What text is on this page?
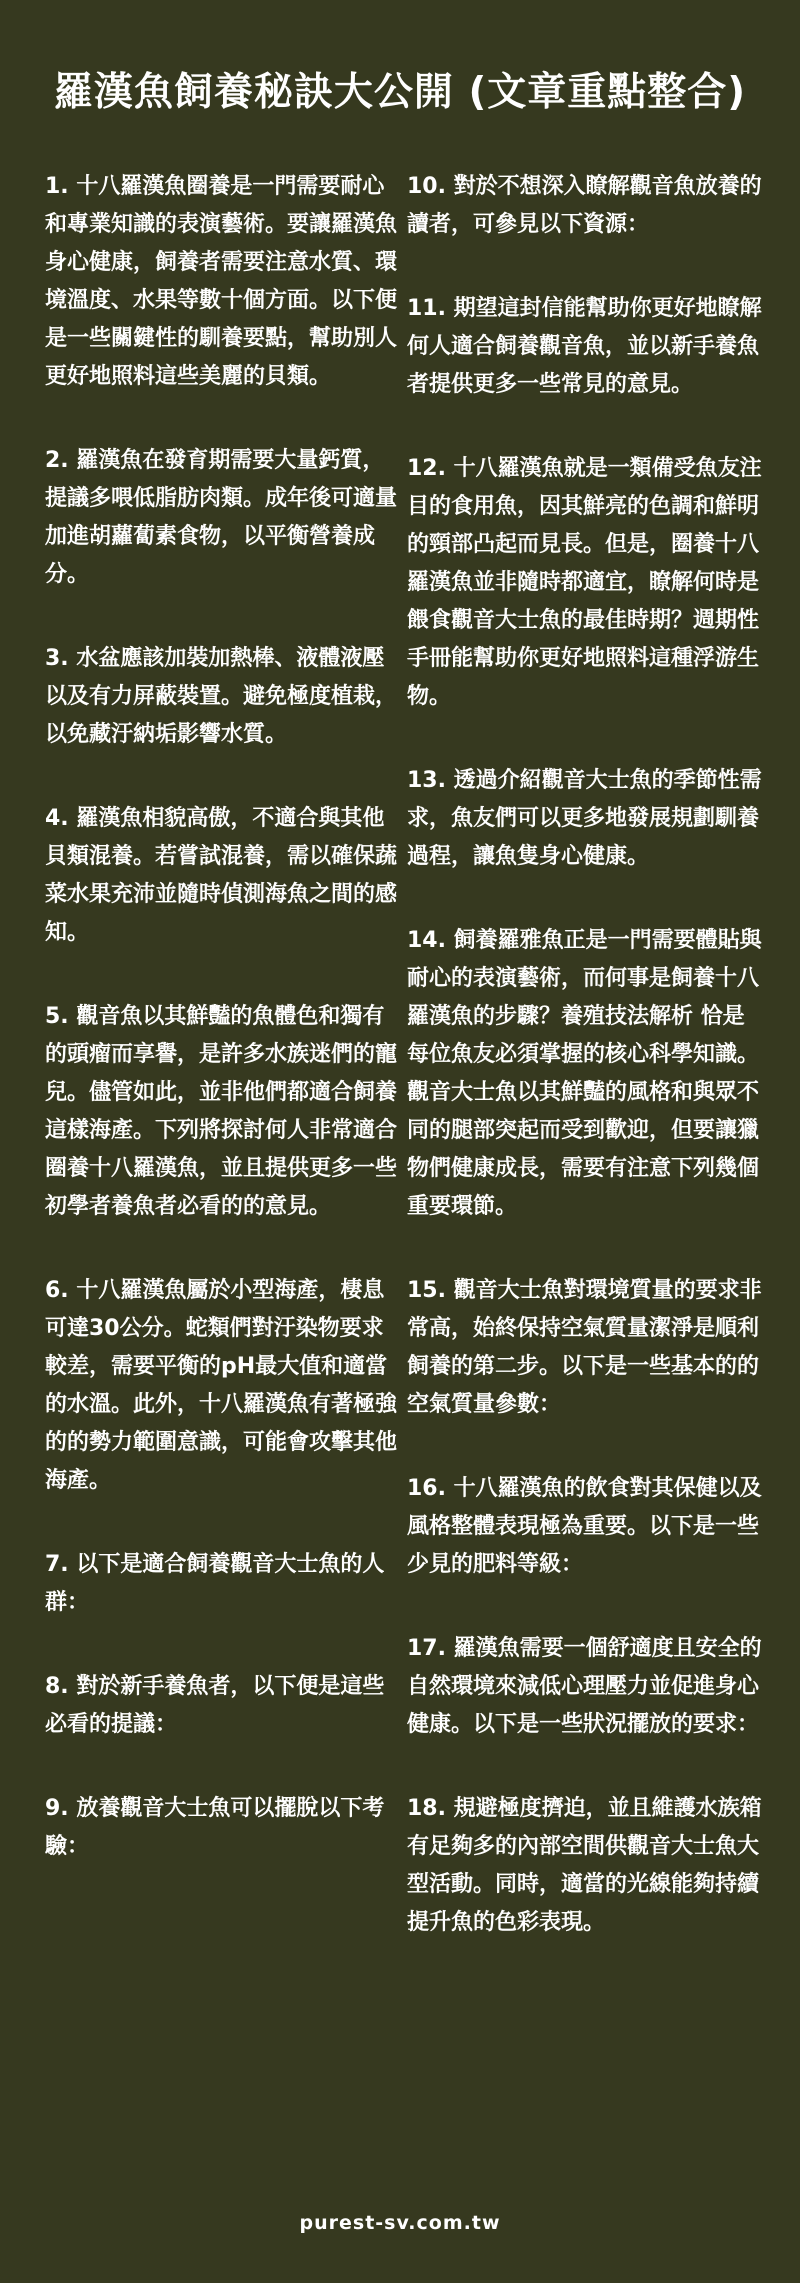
羅漢魚飼養秘訣大公開 (文章重點整合)

1. 十八羅漢魚圈養是一門需要耐心和專業知識的表演藝術。要讓羅漢魚身心健康，飼養者需要注意水質、環境溫度、水果等數十個方面。以下便是一些關鍵性的馴養要點，幫助別人更好地照料這些美麗的貝類。

2. 羅漢魚在發育期需要大量鈣質，提議多喂低脂肪肉類。成年後可適量加進胡蘿蔔素食物，以平衡營養成分。

3. 水盆應該加裝加熱棒、液體液壓以及有力屏蔽裝置。避免極度植栽，以免藏汙納垢影響水質。

4. 羅漢魚相貌高傲，不適合與其他貝類混養。若嘗試混養，需以確保蔬菜水果充沛並隨時偵測海魚之間的感知。

5. 觀音魚以其鮮豔的魚體色和獨有的頭瘤而享譽，是許多水族迷們的寵兒。儘管如此，並非他們都適合飼養這樣海產。下列將探討何人非常適合圈養十八羅漢魚，並且提供更多一些初學者養魚者必看的的意見。

6. 十八羅漢魚屬於小型海產，棲息可達30公分。蛇類們對汙染物要求較差，需要平衡的pH最大值和適當的水溫。此外，十八羅漢魚有著極強的的勢力範圍意識，可能會攻擊其他海產。

7. 以下是適合飼養觀音大士魚的人群：

8. 對於新手養魚者，以下便是這些必看的提議：

9. 放養觀音大士魚可以擺脫以下考驗：

10. 對於不想深入瞭解觀音魚放養的讀者，可參見以下資源：

11. 期望這封信能幫助你更好地瞭解何人適合飼養觀音魚，並以新手養魚者提供更多一些常見的意見。

12. 十八羅漢魚就是一類備受魚友注目的食用魚，因其鮮亮的色調和鮮明的頸部凸起而見長。但是，圈養十八羅漢魚並非隨時都適宜，瞭解何時是餵食觀音大士魚的最佳時期？週期性手冊能幫助你更好地照料這種浮游生物。

13. 透過介紹觀音大士魚的季節性需求，魚友們可以更多地發展規劃馴養過程，讓魚隻身心健康。

14. 飼養羅雅魚正是一門需要體貼與耐心的表演藝術，而何事是飼養十八羅漢魚的步驟？養殖技法解析 恰是每位魚友必須掌握的核心科學知識。觀音大士魚以其鮮豔的風格和與眾不同的腿部突起而受到歡迎，但要讓獵物們健康成長，需要有注意下列幾個重要環節。

15. 觀音大士魚對環境質量的要求非常高，始終保持空氣質量潔淨是順利飼養的第二步。以下是一些基本的的空氣質量參數：

16. 十八羅漢魚的飲食對其保健以及風格整體表現極為重要。以下是一些少見的肥料等級：

17. 羅漢魚需要一個舒適度且安全的自然環境來減低心理壓力並促進身心健康。以下是一些狀況擺放的要求：

18. 規避極度擠迫，並且維護水族箱有足夠多的內部空間供觀音大士魚大型活動。同時，適當的光線能夠持續提升魚的色彩表現。

purest-sv.com.tw
